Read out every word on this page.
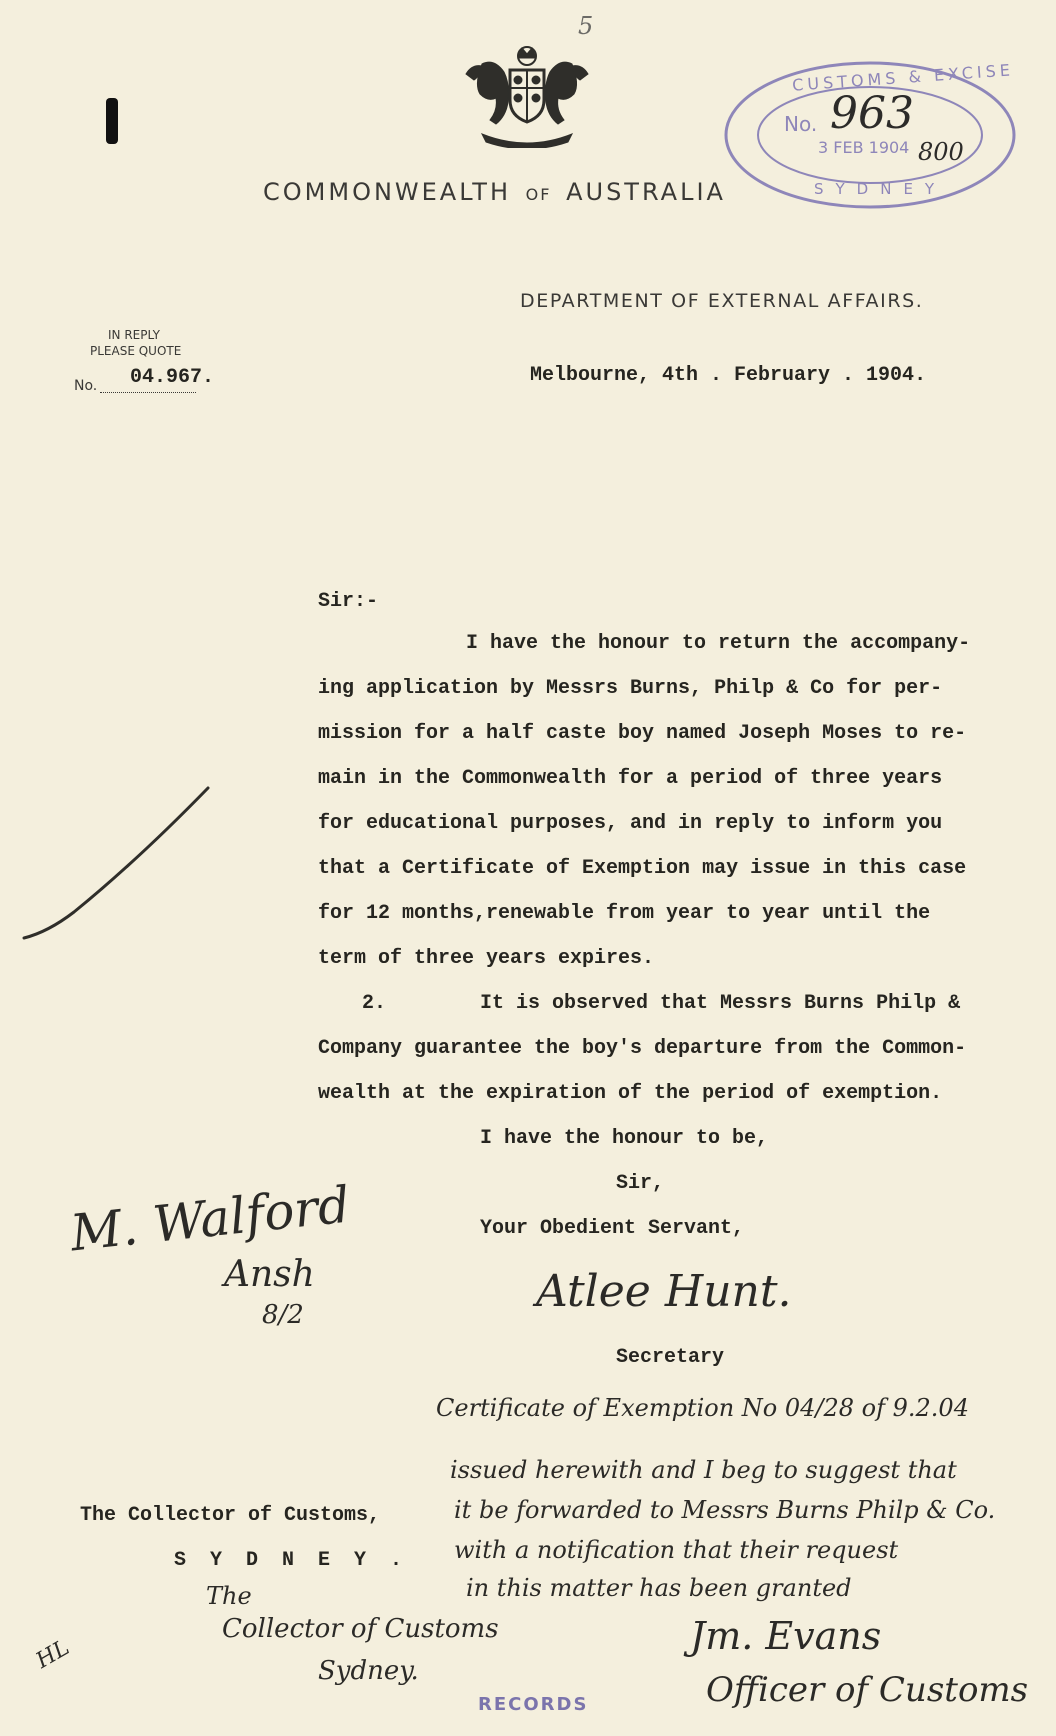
5
COMMONWEALTH OF AUSTRALIA
DEPARTMENT OF EXTERNAL AFFAIRS.
CUSTOMS & EXCISE
No. 963
3 FEB 1904 800
SYDNEY
IN REPLY
PLEASE QUOTE
No. 04.967.	Melbourne, 4th . February . 1904.
Sir:-
I have the honour to return the accompany-
ing application by Messrs Burns, Philp & Co for per-
mission for a half caste boy named Joseph Moses to re-
main in the Commonwealth for a period of three years
for educational purposes, and in reply to inform you
that a Certificate of Exemption may issue in this case
for 12 months,renewable from year to year until the
term of three years expires.
2.	It is observed that Messrs Burns Philp &
Company guarantee the boy's departure from the Common-
wealth at the expiration of the period of exemption.
I have the honour to be,
Sir,
Your Obedient Servant,
Atlee Hunt.
Secretary
M. Walford
Ansh
8/2
The Collector of Customs,
S Y D N E Y .
Certificate of Exemption No 04/28 of 9.2.04
issued herewith and I beg to suggest that
it be forwarded to Messrs Burns Philp & Co.
with a notification that their request
in this matter has been granted
The
Collector of Customs
Sydney.
Jm. Evans
Officer of Customs
HL
RECORDS
